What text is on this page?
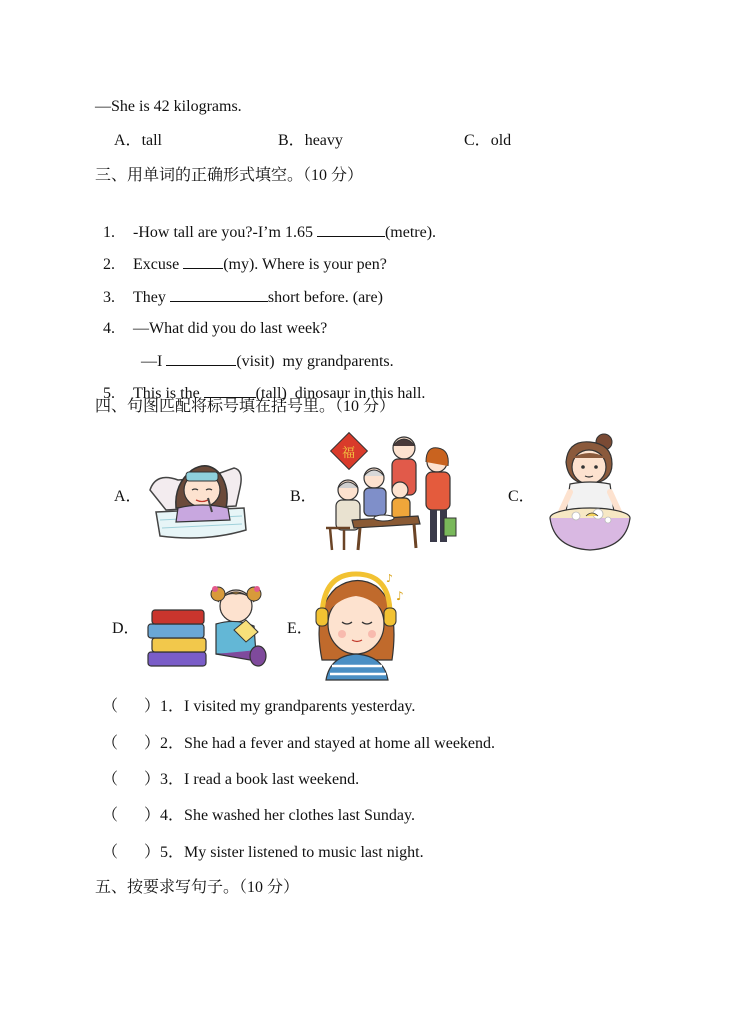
—She is 42 kilograms.
A．tall	B．heavy	C．old
三、用单词的正确形式填空。（10 分）

1. -How tall are you?-I’m 1.65	(metre).

2. Excuse	(my). Where is your pen?

3. They	short before. (are)

4. —What did you do last week?

—I	(visit)  my grandparents.

5. This is the	(tall)  dinosaur in this hall.

四、句图匹配将标号填在括号里。（10 分）
A．	B．	C．
D．	E．
福
♪
♪
（ ）1．I visited my grandparents yesterday.
（ ）2．She had a fever and stayed at home all weekend.
（ ）3．I read a book last weekend.
（ ）4．She washed her clothes last Sunday.
（ ）5．My sister listened to music last night.
五、按要求写句子。（10 分）
